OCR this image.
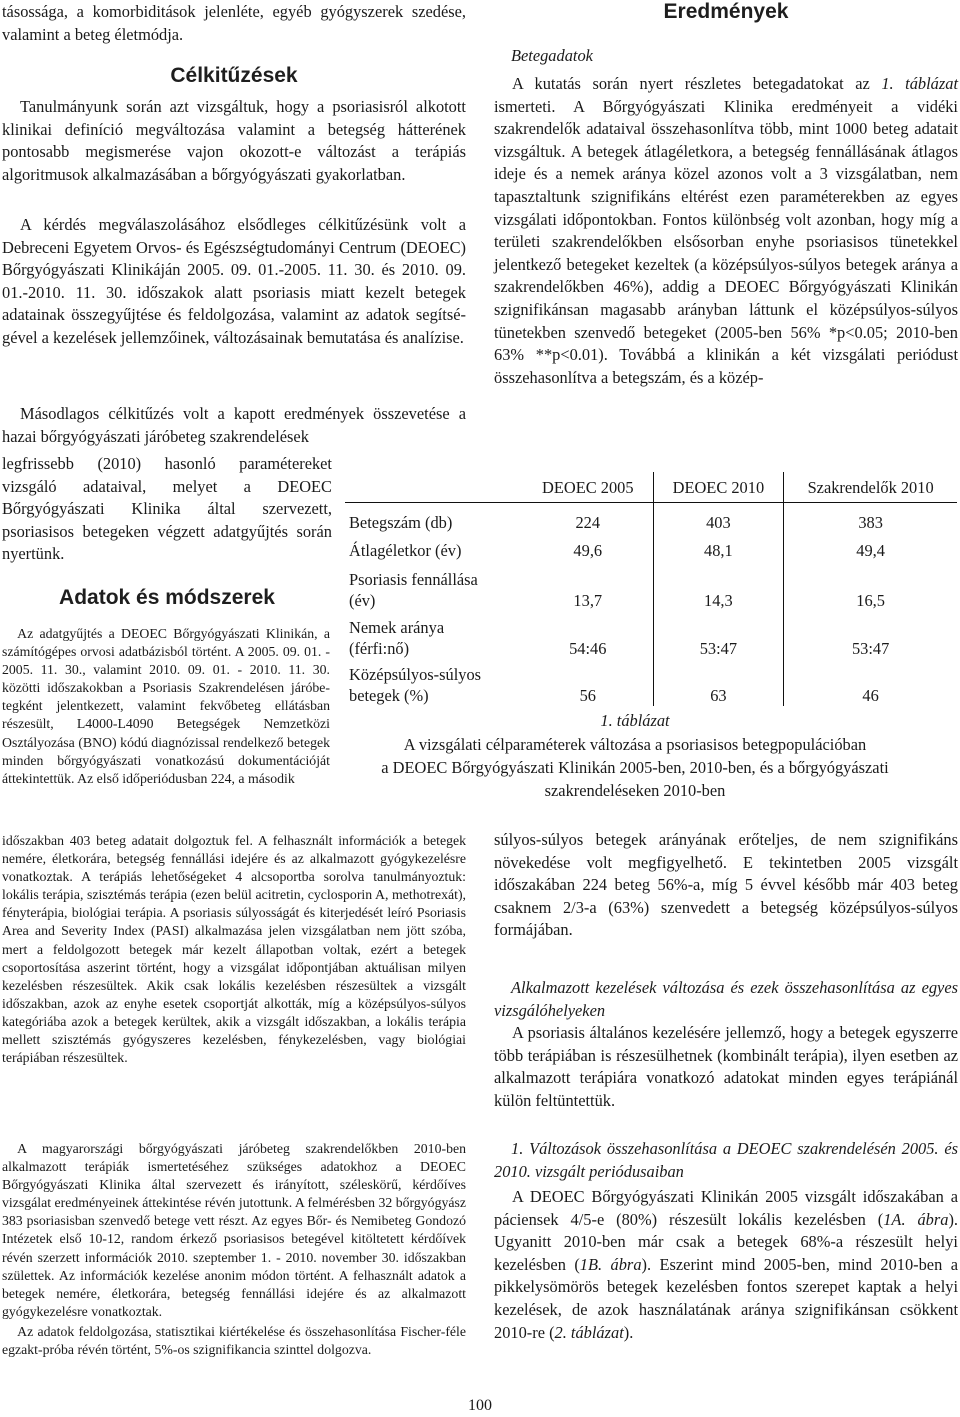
tásossága, a komorbiditások jelenléte, egyéb gyógyszerek szedése, valamint a beteg életmódja.

Célkitűzések

Tanulmányunk során azt vizsgáltuk, hogy a psoriasisról alkotott klinikai definíció megváltozása valamint a betegség hátterének pontosabb megismerése vajon okozott-e változást a terápiás algoritmusok alkalmazásában a bőrgyógyászati gyakorlatban.

A kérdés megválaszolásához elsődleges célkitűzésünk volt a Debreceni Egyetem Orvos- és Egészségtudományi Centrum (DEOEC) Bőrgyógyászati Klinikáján 2005. 09. 01.-2005. 11. 30. és 2010. 09. 01.-2010. 11. 30. időszakok alatt psoriasis miatt kezelt betegek adatainak összegyűjtése és feldolgozása, valamint az adatok segítségével a kezelések jellemzőinek, változásainak bemutatása és analízise.

Másodlagos célkitűzés volt a kapott eredmények összevetése a hazai bőrgyógyászati járóbeteg szakrendelések

legfrissebb (2010) hasonló paramétereket vizsgáló adataival, melyet a DEOEC Bőrgyógyászati Klinika által szervezett, psoriasisos betegeken végzett adatgyűjtés során nyertünk.

Adatok és módszerek

Az adatgyűjtés a DEOEC Bőrgyógyászati Klinikán, a számítógépes orvosi adatbázisból történt. A 2005. 09. 01. - 2005. 11. 30., valamint 2010. 09. 01. - 2010. 11. 30. közötti időszakokban a Psoriasis Szakrendelésen járóbetegként jelentkezett, valamint fekvőbeteg ellátásban részesült, L4000-L4090 Betegségek Nemzetközi Osztályozása (BNO) kódú diagnózissal rendelkező betegek minden bőrgyógyászati vonatkozású dokumentációját áttekintettük. Az első időperiódusban 224, a második

időszakban 403 beteg adatait dolgoztuk fel. A felhasznált információk a betegek nemére, életkorára, betegség fennállási idejére és az alkalmazott gyógykezelésre vonatkoztak. A terápiás lehetőségeket 4 alcsoportba sorolva tanulmányoztuk: lokális terápia, szisztémás terápia (ezen belül acitretin, cyclosporin A, methotrexát), fényterápia, biológiai terápia. A psoriasis súlyosságát és kiterjedését leíró Psoriasis Area and Severity Index (PASI) alkalmazása jelen vizsgálatban nem jött szóba, mert a feldolgozott betegek már kezelt állapotban voltak, ezért a betegek csoportosítása aszerint történt, hogy a vizsgálat időpontjában aktuálisan milyen kezelésben részesültek. Akik csak lokális kezelésben részesültek a vizsgált időszakban, azok az enyhe esetek csoportját alkották, míg a középsúlyos-súlyos kategóriába azok a betegek kerültek, akik a vizsgált időszakban, a lokális terápia mellett szisztémás gyógyszeres kezelésben, fénykezelésben, vagy biológiai terápiában részesültek.

A magyarországi bőrgyógyászati járóbeteg szakrendelőkben 2010-ben alkalmazott terápiák ismertetéséhez szükséges adatokhoz a DEOEC Bőrgyógyászati Klinika által szervezett és irányított, széleskörű, kérdőíves vizsgálat eredményeinek áttekintése révén jutottunk. A felmérésben 32 bőrgyógyász 383 psoriasisban szenvedő betege vett részt. Az egyes Bőr- és Nemibeteg Gondozó Intézetek első 10-12, random érkező psoriasisos betegével kitöltetett kérdőívek révén szerzett információk 2010. szeptember 1. - 2010. november 30. időszakban születtek. Az információk kezelése anonim módon történt. A felhasznált adatok a betegek nemére, életkorára, betegség fennállási idejére és az alkalmazott gyógykezelésre vonatkoztak.

Az adatok feldolgozása, statisztikai kiértékelése és összehasonlítása Fischer-féle egzakt-próba révén történt, 5%-os szignifikancia szinttel dolgozva.

Eredmények

Betegadatok

A kutatás során nyert részletes betegadatokat az 1. táblázat ismerteti. A Bőrgyógyászati Klinika eredményeit a vidéki szakrendelők adataival összehasonlítva több, mint 1000 beteg adatait vizsgáltuk. A betegek átlagéletkora, a betegség fennállásának átlagos ideje és a nemek aránya közel azonos volt a 3 vizsgálatban, nem tapasztaltunk szignifikáns eltérést ezen paraméterekben az egyes vizsgálati időpontokban. Fontos különbség volt azonban, hogy míg a területi szakrendelőkben elsősorban enyhe psoriasisos tünetekkel jelentkező betegeket kezeltek (a középsúlyos-súlyos betegek aránya a szakrendelőkben 46%), addig a DEOEC Bőrgyógyászati Klinikán szignifikánsan magasabb arányban láttunk el középsúlyos-súlyos tünetekben szenvedő betegeket (2005-ben 56% *p<0.05; 2010-ben 63% **p<0.01). Továbbá a klinikán a két vizsgálati periódust összehasonlítva a betegszám, és a közép-

	DEOEC 2005	DEOEC 2010	Szakrendelők 2010
Betegszám (db)	224	403	383
Átlagéletkor (év)	49,6	48,1	49,4
Psoriasis fennállása
(év)	13,7	14,3	16,5
Nemek aránya
(férfi:nő)	54:46	53:47	53:47
Középsúlyos-súlyos
betegek (%)	56	63	46

1. táblázat

A vizsgálati célparaméterek változása a psoriasisos betegpopulációban

a DEOEC Bőrgyógyászati Klinikán 2005-ben, 2010-ben, és a bőrgyógyászati

szakrendeléseken 2010-ben

súlyos-súlyos betegek arányának erőteljes, de nem szignifikáns növekedése volt megfigyelhető. E tekintetben 2005 vizsgált időszakában 224 beteg 56%-a, míg 5 évvel később már 403 beteg csaknem 2/3-a (63%) szenvedett a betegség középsúlyos-súlyos formájában.

Alkalmazott kezelések változása és ezek összehasonlítása az egyes vizsgálóhelyeken

A psoriasis általános kezelésére jellemző, hogy a betegek egyszerre több terápiában is részesülhetnek (kombinált terápia), ilyen esetben az alkalmazott terápiára vonatkozó adatokat minden egyes terápiánál külön feltüntettük.

1. Változások összehasonlítása a DEOEC szakrendelésén 2005. és 2010. vizsgált periódusaiban

A DEOEC Bőrgyógyászati Klinikán 2005 vizsgált időszakában a páciensek 4/5-e (80%) részesült lokális kezelésben (1A. ábra). Ugyanitt 2010-ben már csak a betegek 68%-a részesült helyi kezelésben (1B. ábra). Eszerint mind 2005-ben, mind 2010-ben a pikkelysömörös betegek kezelésben fontos szerepet kaptak a helyi kezelések, de azok használatának aránya szignifikánsan csökkent 2010-re (2. táblázat).

100
